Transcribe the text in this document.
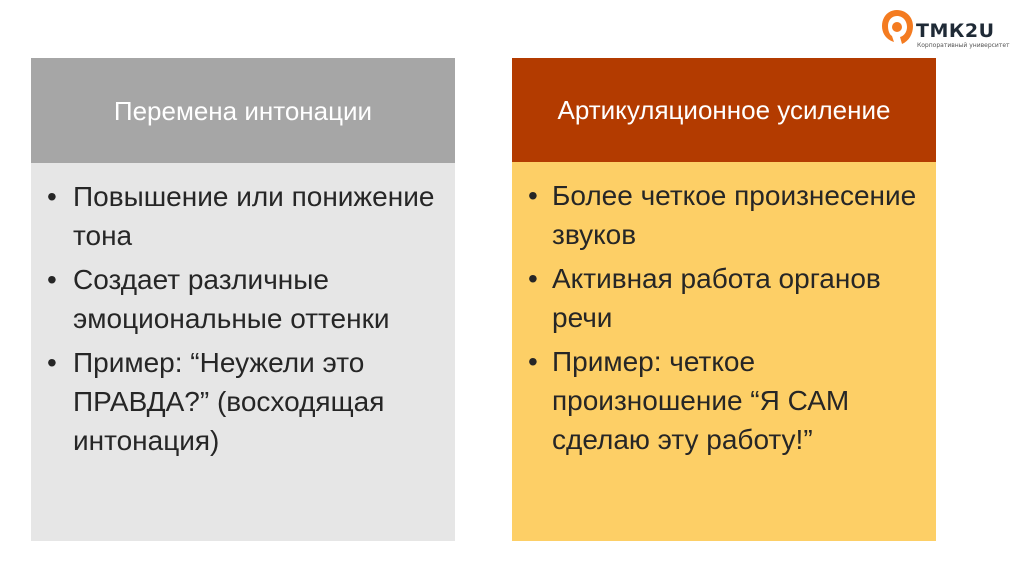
ТМК2U
Корпоративный университет
Перемена интонации
• Повышение или понижение тона
• Создает различные эмоциональные оттенки
• Пример: “Неужели это ПРАВДА?” (восходящая интонация)
Артикуляционное усиление
• Более четкое произнесение звуков
• Активная работа органов речи
• Пример: четкое произношение “Я САМ сделаю эту работу!”
